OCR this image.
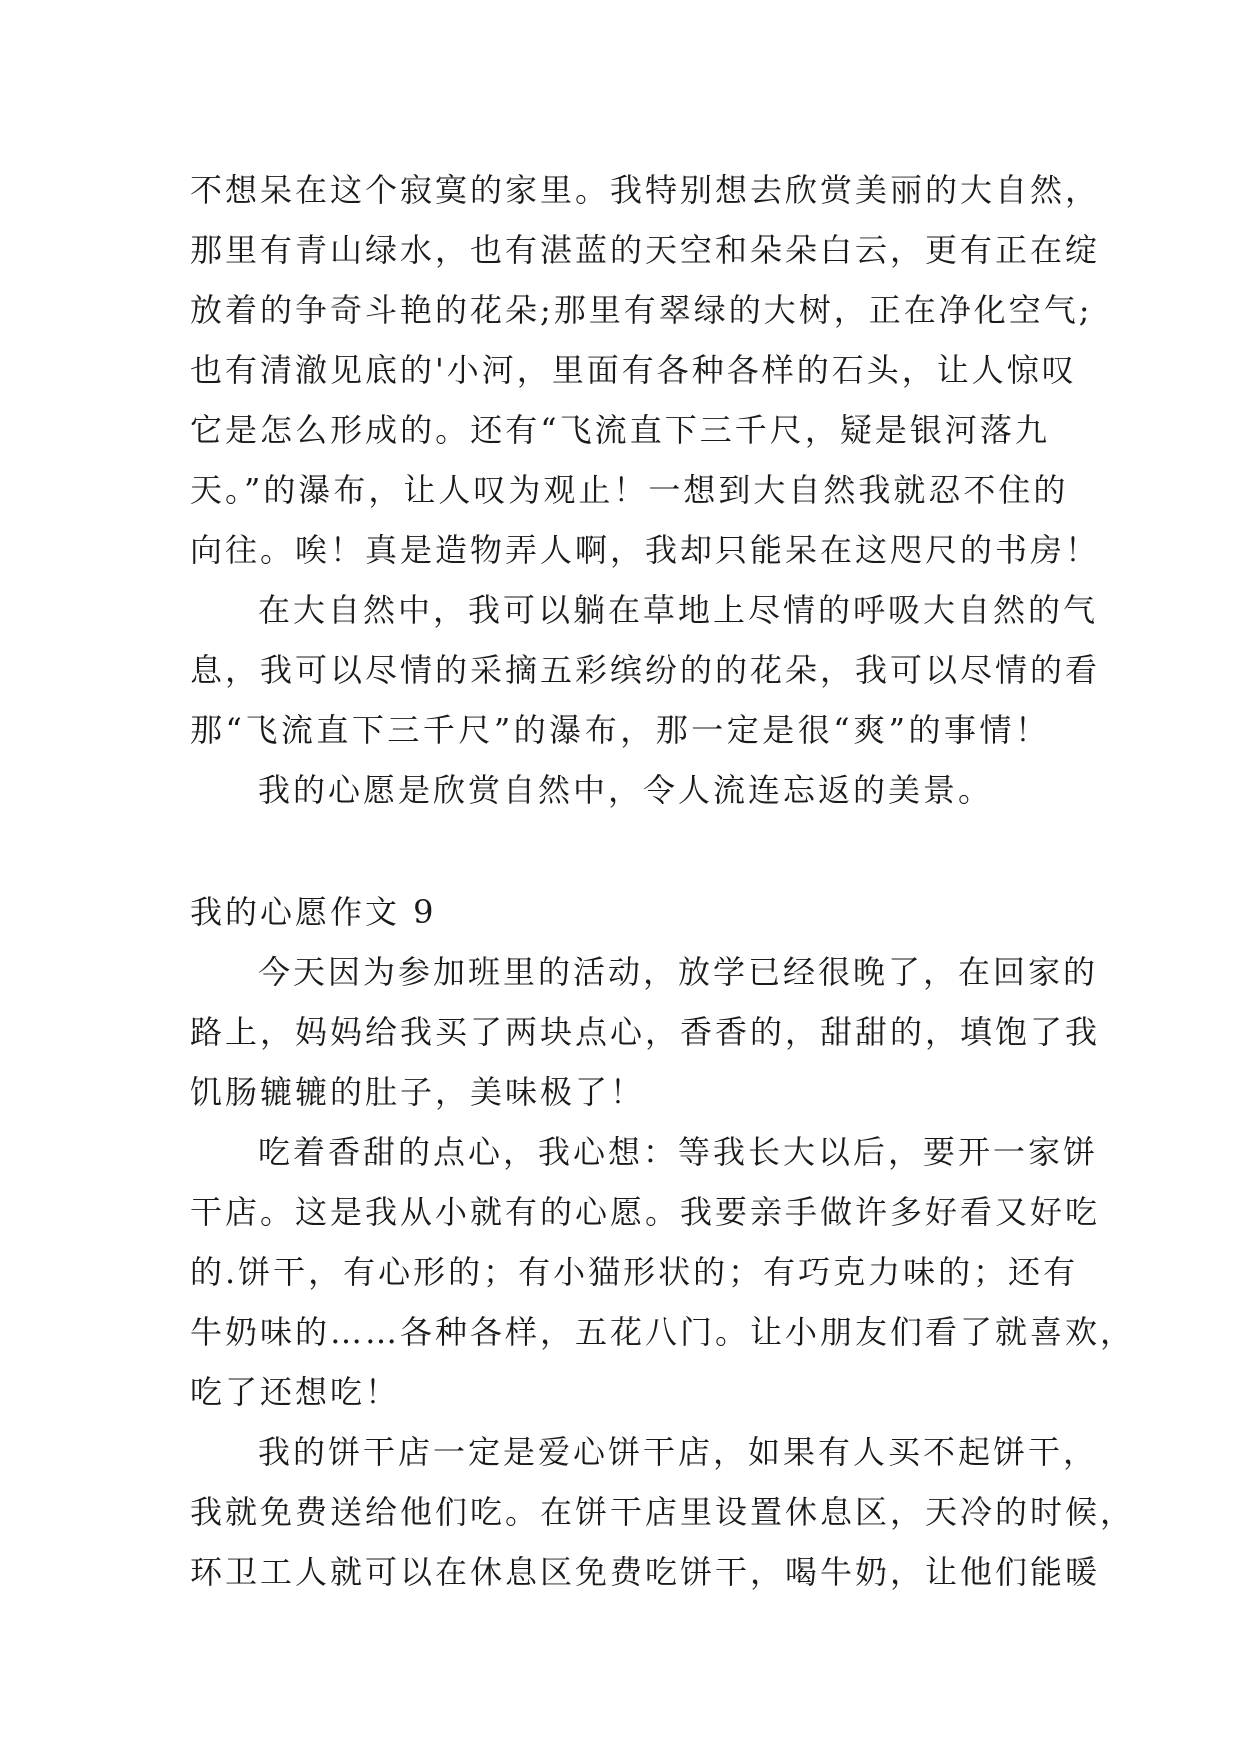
不想呆在这个寂寞的家里。我特别想去欣赏美丽的大自然，
那里有青山绿水，也有湛蓝的天空和朵朵白云，更有正在绽
放着的争奇斗艳的花朵;那里有翠绿的大树，正在净化空气;
也有清澈见底的'小河，里面有各种各样的石头，让人惊叹
它是怎么形成的。还有“飞流直下三千尺，疑是银河落九
天。”的瀑布，让人叹为观止！一想到大自然我就忍不住的
向往。唉！真是造物弄人啊，我却只能呆在这咫尺的书房！
在大自然中，我可以躺在草地上尽情的呼吸大自然的气
息，我可以尽情的采摘五彩缤纷的的花朵，我可以尽情的看
那“飞流直下三千尺”的瀑布，那一定是很“爽”的事情！
我的心愿是欣赏自然中，令人流连忘返的美景。
我的心愿作文 9
今天因为参加班里的活动，放学已经很晚了，在回家的
路上，妈妈给我买了两块点心，香香的，甜甜的，填饱了我
饥肠辘辘的肚子，美味极了！
吃着香甜的点心，我心想：等我长大以后，要开一家饼
干店。这是我从小就有的心愿。我要亲手做许多好看又好吃
的.饼干，有心形的；有小猫形状的；有巧克力味的；还有
牛奶味的……各种各样，五花八门。让小朋友们看了就喜欢，
吃了还想吃！
我的饼干店一定是爱心饼干店，如果有人买不起饼干，
我就免费送给他们吃。在饼干店里设置休息区，天冷的时候，
环卫工人就可以在休息区免费吃饼干，喝牛奶，让他们能暖
